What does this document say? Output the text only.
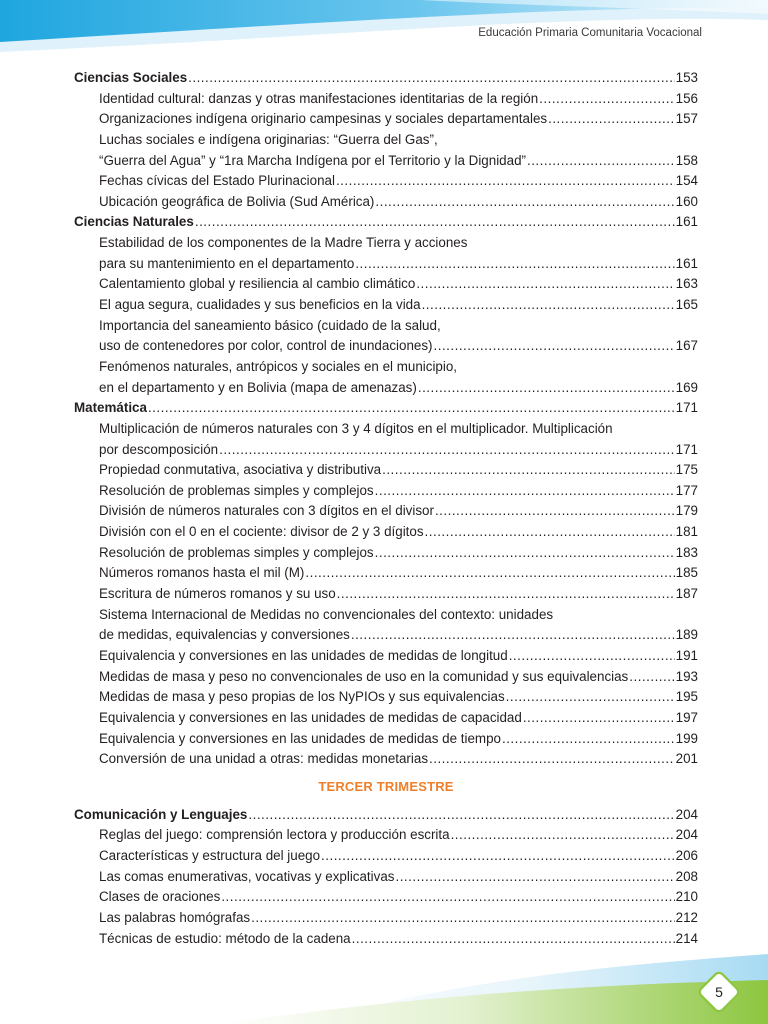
Educación Primaria Comunitaria Vocacional
Ciencias Sociales .....	153
Identidad cultural: danzas y otras manifestaciones identitarias de la región .....	156
Organizaciones indígena originario campesinas y sociales departamentales .....	157
Luchas sociales e indígena originarias: “Guerra del Gas”,
“Guerra del Agua” y “1ra Marcha Indígena por el Territorio y la Dignidad” .....	158
Fechas cívicas del Estado Plurinacional .....	154
Ubicación geográfica de Bolivia (Sud América) .....	160
Ciencias Naturales .....	161
Estabilidad de los componentes de la Madre Tierra y acciones
para su mantenimiento en el departamento .....	161
Calentamiento global y resiliencia al cambio climático .....	163
El agua segura, cualidades y sus beneficios en la vida .....	165
Importancia del saneamiento básico (cuidado de la salud,
uso de contenedores por color, control de inundaciones) .....	167
Fenómenos naturales, antrópicos y sociales en el municipio,
en el departamento y en Bolivia (mapa de amenazas) .....	169
Matemática .....	171
Multiplicación de números naturales con 3 y 4 dígitos en el multiplicador. Multiplicación
por descomposición .....	171
Propiedad conmutativa, asociativa y distributiva .....	175
Resolución de problemas simples y complejos .....	177
División de números naturales con 3 dígitos en el divisor .....	179
División con el 0 en el cociente: divisor de 2 y 3 dígitos .....	181
Resolución de problemas simples y complejos .....	183
Números romanos hasta el mil (M) .....	185
Escritura de números romanos y su uso .....	187
Sistema Internacional de Medidas no convencionales del contexto: unidades
de medidas, equivalencias y conversiones .....	189
Equivalencia y conversiones en las unidades de medidas de longitud .....	191
Medidas de masa y peso no convencionales de uso en la comunidad y sus equivalencias .....	193
Medidas de masa y peso propias de los NyPIOs y sus equivalencias .....	195
Equivalencia y conversiones en las unidades de medidas de capacidad .....	197
Equivalencia y conversiones en las unidades de medidas de tiempo .....	199
Conversión de una unidad a otras: medidas monetarias .....	201
TERCER TRIMESTRE
Comunicación y Lenguajes .....	204
Reglas del juego: comprensión lectora y producción escrita .....	204
Características y estructura del juego .....	206
Las comas enumerativas, vocativas y explicativas .....	208
Clases de oraciones .....	210
Las palabras homógrafas .....	212
Técnicas de estudio: método de la cadena .....	214
5
